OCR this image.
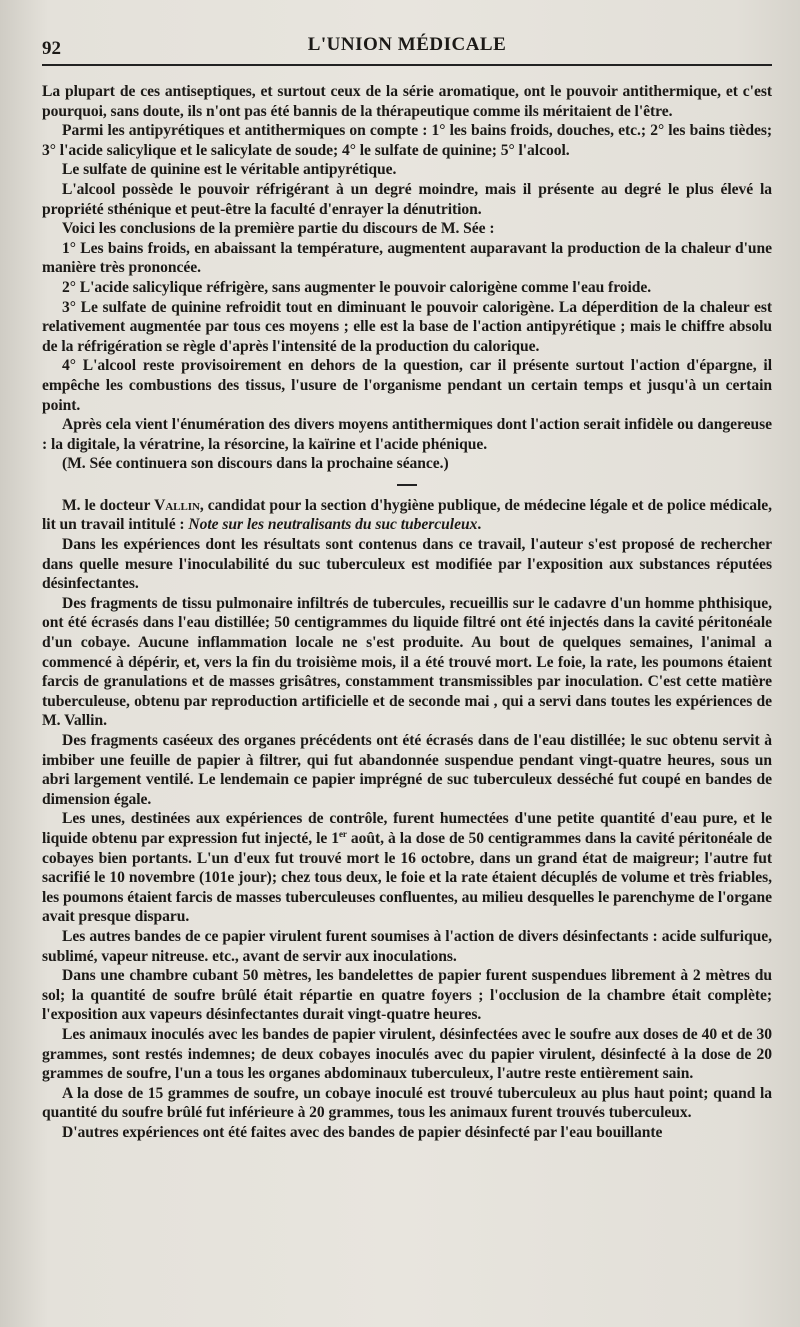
92	L'UNION MÉDICALE

La plupart de ces antiseptiques, et surtout ceux de la série aromatique, ont le pouvoir antithermique, et c'est pourquoi, sans doute, ils n'ont pas été bannis de la thérapeutique comme ils méritaient de l'être.

Parmi les antipyrétiques et antithermiques on compte : 1° les bains froids, douches, etc.; 2° les bains tièdes; 3° l'acide salicylique et le salicylate de soude; 4° le sulfate de quinine; 5° l'alcool.

Le sulfate de quinine est le véritable antipyrétique.

L'alcool possède le pouvoir réfrigérant à un degré moindre, mais il présente au degré le plus élevé la propriété sthénique et peut-être la faculté d'enrayer la dénutrition.

Voici les conclusions de la première partie du discours de M. Sée :

1° Les bains froids, en abaissant la température, augmentent auparavant la production de la chaleur d'une manière très prononcée.

2° L'acide salicylique réfrigère, sans augmenter le pouvoir calorigène comme l'eau froide.

3° Le sulfate de quinine refroidit tout en diminuant le pouvoir calorigène. La déperdition de la chaleur est relativement augmentée par tous ces moyens ; elle est la base de l'action antipyrétique ; mais le chiffre absolu de la réfrigération se règle d'après l'intensité de la production du calorique.

4° L'alcool reste provisoirement en dehors de la question, car il présente surtout l'action d'épargne, il empêche les combustions des tissus, l'usure de l'organisme pendant un certain temps et jusqu'à un certain point.

Après cela vient l'énumération des divers moyens antithermiques dont l'action serait infidèle ou dangereuse : la digitale, la vératrine, la résorcine, la kaïrine et l'acide phénique.

(M. Sée continuera son discours dans la prochaine séance.)

M. le docteur Vallin, candidat pour la section d'hygiène publique, de médecine légale et de police médicale, lit un travail intitulé : Note sur les neutralisants du suc tuberculeux.

Dans les expériences dont les résultats sont contenus dans ce travail, l'auteur s'est proposé de rechercher dans quelle mesure l'inoculabilité du suc tuberculeux est modifiée par l'exposition aux substances réputées désinfectantes.

Des fragments de tissu pulmonaire infiltrés de tubercules, recueillis sur le cadavre d'un homme phthisique, ont été écrasés dans l'eau distillée; 50 centigrammes du liquide filtré ont été injectés dans la cavité péritonéale d'un cobaye. Aucune inflammation locale ne s'est produite. Au bout de quelques semaines, l'animal a commencé à dépérir, et, vers la fin du troisième mois, il a été trouvé mort. Le foie, la rate, les poumons étaient farcis de granulations et de masses grisâtres, constamment transmissibles par inoculation. C'est cette matière tuberculeuse, obtenu par reproduction artificielle et de seconde mai , qui a servi dans toutes les expériences de M. Vallin.

Des fragments caséeux des organes précédents ont été écrasés dans de l'eau distillée; le suc obtenu servit à imbiber une feuille de papier à filtrer, qui fut abandonnée suspendue pendant vingt-quatre heures, sous un abri largement ventilé. Le lendemain ce papier imprégné de suc tuberculeux desséché fut coupé en bandes de dimension égale.

Les unes, destinées aux expériences de contrôle, furent humectées d'une petite quantité d'eau pure, et le liquide obtenu par expression fut injecté, le 1er août, à la dose de 50 centigrammes dans la cavité péritonéale de cobayes bien portants. L'un d'eux fut trouvé mort le 16 octobre, dans un grand état de maigreur; l'autre fut sacrifié le 10 novembre (101e jour); chez tous deux, le foie et la rate étaient décuplés de volume et très friables, les poumons étaient farcis de masses tuberculeuses confluentes, au milieu desquelles le parenchyme de l'organe avait presque disparu.

Les autres bandes de ce papier virulent furent soumises à l'action de divers désinfectants : acide sulfurique, sublimé, vapeur nitreuse. etc., avant de servir aux inoculations.

Dans une chambre cubant 50 mètres, les bandelettes de papier furent suspendues librement à 2 mètres du sol; la quantité de soufre brûlé était répartie en quatre foyers ; l'occlusion de la chambre était complète; l'exposition aux vapeurs désinfectantes durait vingt-quatre heures.

Les animaux inoculés avec les bandes de papier virulent, désinfectées avec le soufre aux doses de 40 et de 30 grammes, sont restés indemnes; de deux cobayes inoculés avec du papier virulent, désinfecté à la dose de 20 grammes de soufre, l'un a tous les organes abdominaux tuberculeux, l'autre reste entièrement sain.

A la dose de 15 grammes de soufre, un cobaye inoculé est trouvé tuberculeux au plus haut point; quand la quantité du soufre brûlé fut inférieure à 20 grammes, tous les animaux furent trouvés tuberculeux.

D'autres expériences ont été faites avec des bandes de papier désinfecté par l'eau bouillante
